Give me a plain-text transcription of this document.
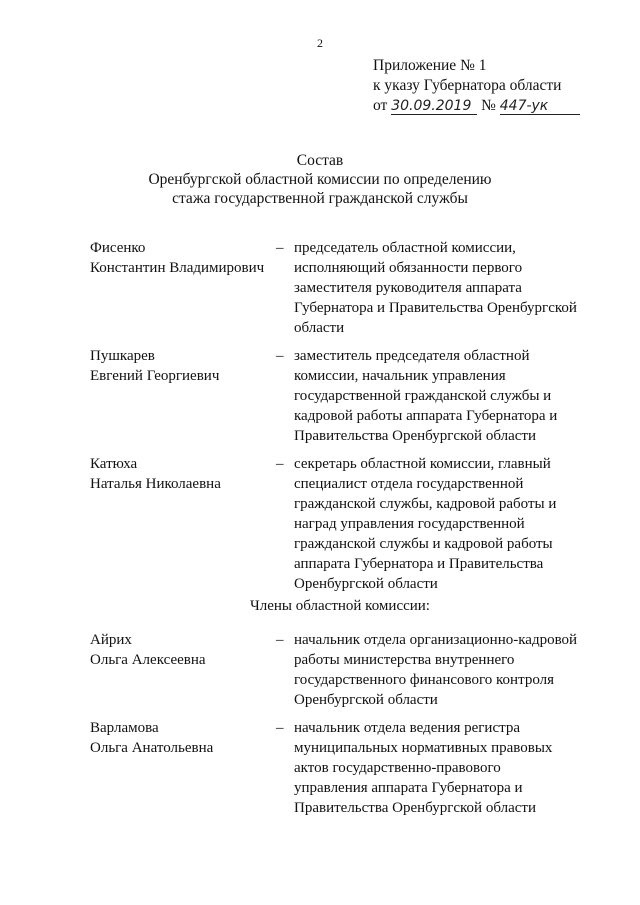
2
Приложение № 1
к указу Губернатора области
от 30.09.2019 № 447-ук
Состав
Оренбургской областной комиссии по определению
стажа государственной гражданской службы
Фисенко
Константин Владимирович
– председатель областной комиссии,
исполняющий обязанности первого
заместителя руководителя аппарата
Губернатора и Правительства Оренбургской
области
Пушкарев
Евгений Георгиевич
– заместитель председателя областной
комиссии, начальник управления
государственной гражданской службы и
кадровой работы аппарата Губернатора и
Правительства Оренбургской области
Катюха
Наталья Николаевна
– секретарь областной комиссии, главный
специалист отдела государственной
гражданской службы, кадровой работы и
наград управления государственной
гражданской службы и кадровой работы
аппарата Губернатора и Правительства
Оренбургской области
Члены областной комиссии:
Айрих
Ольга Алексеевна
– начальник отдела организационно-кадровой
работы министерства внутреннего
государственного финансового контроля
Оренбургской области
Варламова
Ольга Анатольевна
– начальник отдела ведения регистра
муниципальных нормативных правовых
актов государственно-правового
управления аппарата Губернатора и
Правительства Оренбургской области
